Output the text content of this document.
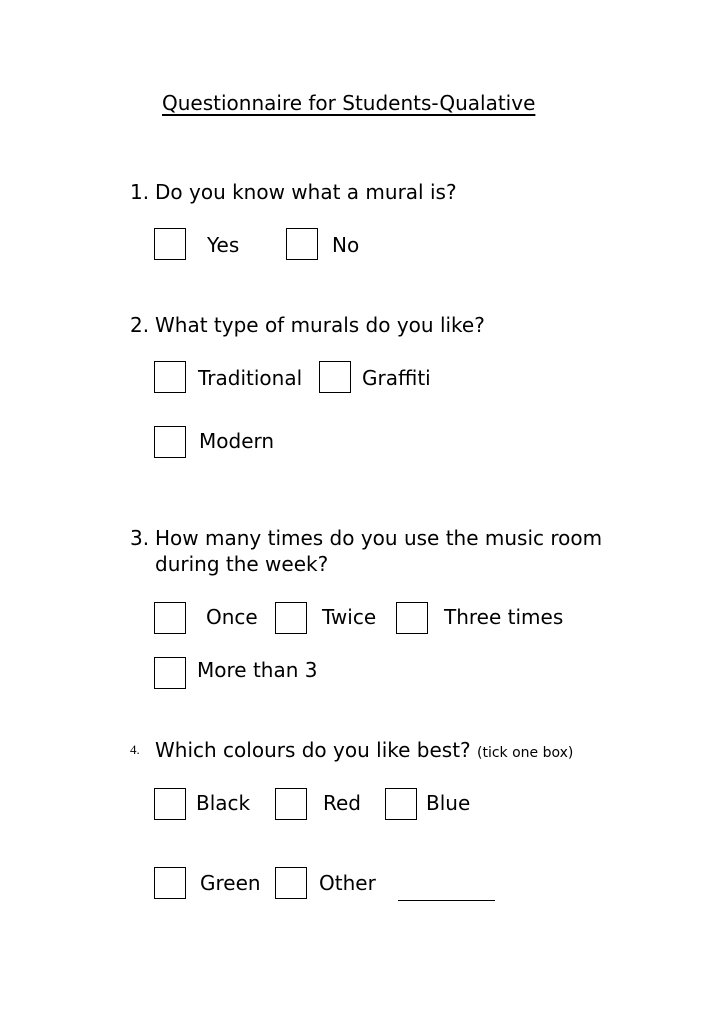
Questionnaire for Students-Qualative
1. Do you know what a mural is?
Yes	No
2. What type of murals do you like?
Traditional	Graffiti
Modern
3. How many times do you use the music room
during the week?
Once	Twice	Three times
More than 3
4. Which colours do you like best? (tick one box)
Black	Red	Blue
Green	Other
